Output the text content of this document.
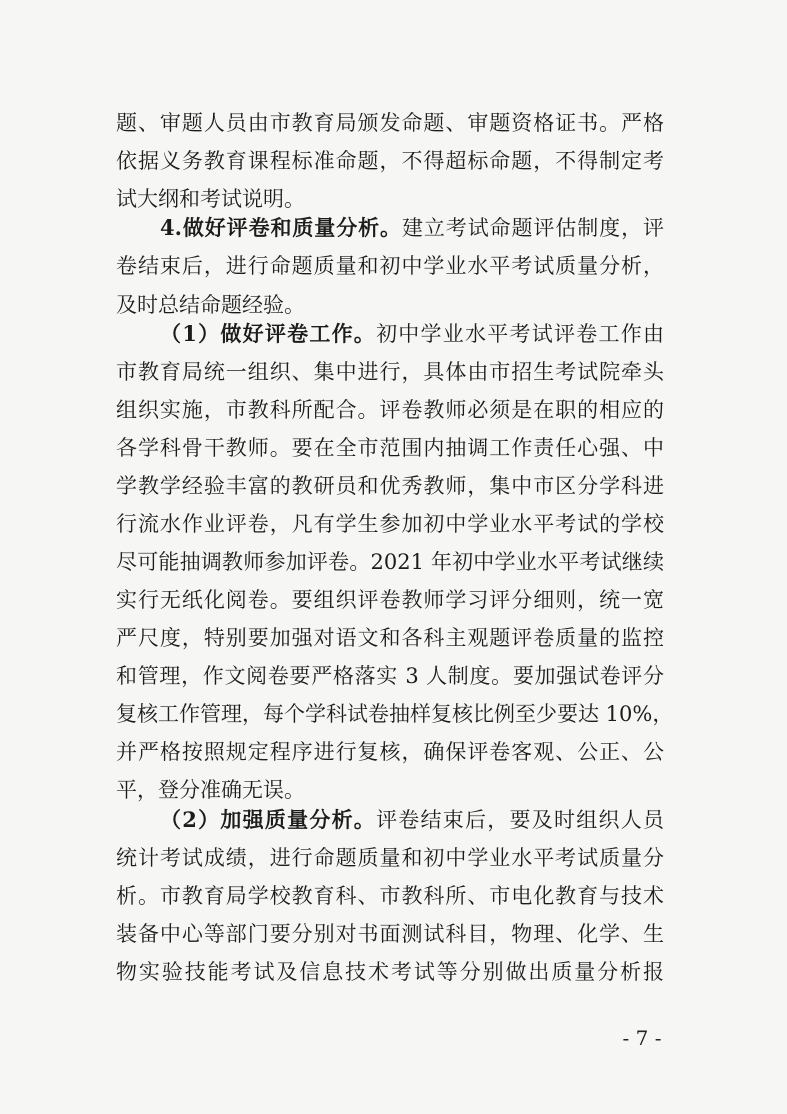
题、审题人员由市教育局颁发命题、审题资格证书。严格
依据义务教育课程标准命题，不得超标命题，不得制定考
试大纲和考试说明。
4.做好评卷和质量分析。建立考试命题评估制度，评
卷结束后，进行命题质量和初中学业水平考试质量分析，
及时总结命题经验。
（1）做好评卷工作。初中学业水平考试评卷工作由
市教育局统一组织、集中进行，具体由市招生考试院牵头
组织实施，市教科所配合。评卷教师必须是在职的相应的
各学科骨干教师。要在全市范围内抽调工作责任心强、中
学教学经验丰富的教研员和优秀教师，集中市区分学科进
行流水作业评卷，凡有学生参加初中学业水平考试的学校
尽可能抽调教师参加评卷。2021 年初中学业水平考试继续
实行无纸化阅卷。要组织评卷教师学习评分细则，统一宽
严尺度，特别要加强对语文和各科主观题评卷质量的监控
和管理，作文阅卷要严格落实 3 人制度。要加强试卷评分
复核工作管理，每个学科试卷抽样复核比例至少要达 10%，
并严格按照规定程序进行复核，确保评卷客观、公正、公
平，登分准确无误。
（2）加强质量分析。评卷结束后，要及时组织人员
统计考试成绩，进行命题质量和初中学业水平考试质量分
析。市教育局学校教育科、市教科所、市电化教育与技术
装备中心等部门要分别对书面测试科目，物理、化学、生
物实验技能考试及信息技术考试等分别做出质量分析报
- 7 -
